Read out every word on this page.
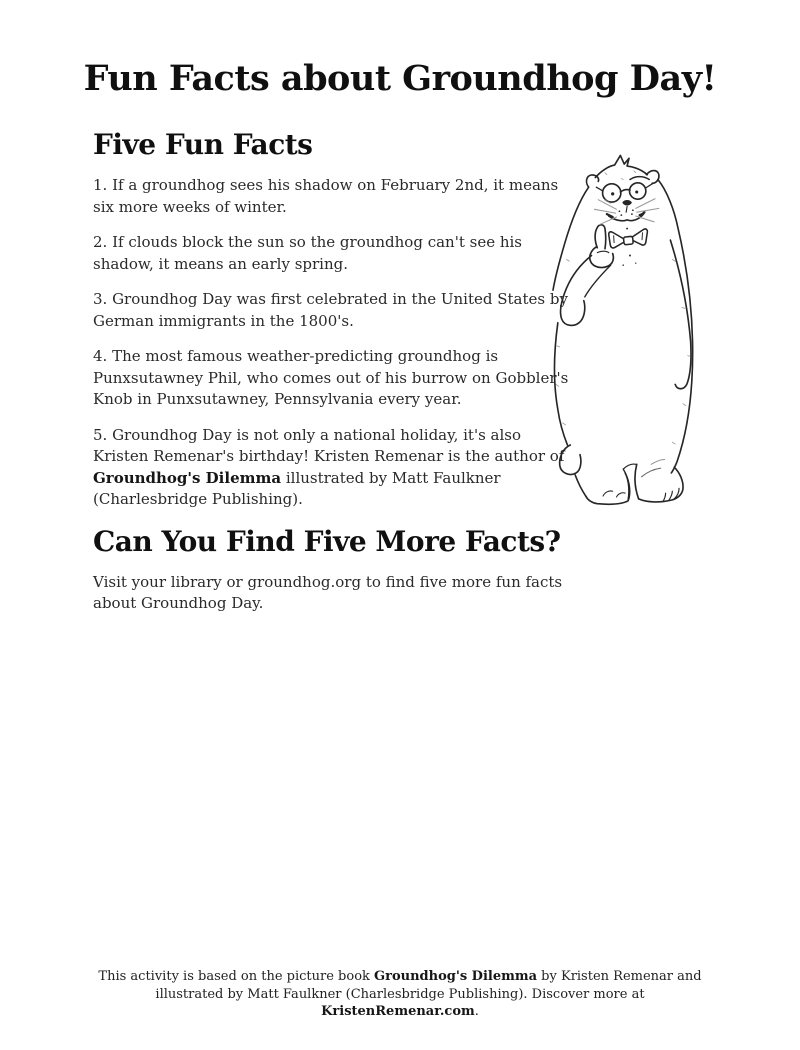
Fun Facts about Groundhog Day!
Five Fun Facts

1. If a groundhog sees his shadow on February 2nd, it means six more weeks of winter.

2. If clouds block the sun so the groundhog can't see his shadow, it means an early spring.

3. Groundhog Day was first celebrated in the United States by German immigrants in the 1800's.

4. The most famous weather-predicting groundhog is Punxsutawney Phil, who comes out of his burrow on Gobbler's Knob in Punxsutawney, Pennsylvania every year.

5. Groundhog Day is not only a national holiday, it's also Kristen Remenar's birthday! Kristen Remenar is the author of Groundhog's Dilemma illustrated by Matt Faulkner (Charlesbridge Publishing).

Can You Find Five More Facts?

Visit your library or groundhog.org to find five more fun facts about Groundhog Day.

This activity is based on the picture book Groundhog's Dilemma by Kristen Remenar and illustrated by Matt Faulkner (Charlesbridge Publishing). Discover more at KristenRemenar.com.
